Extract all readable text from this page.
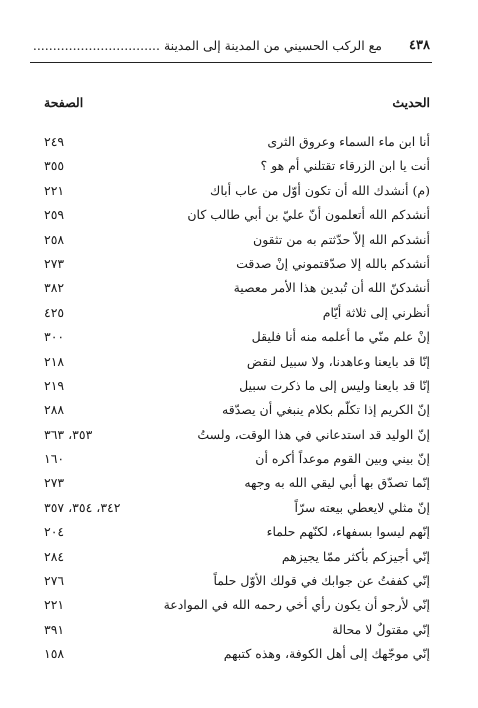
٤٣٨
مع الركب الحسيني من المدينة إلى المدينة ................................
الحديث
الصفحة
أنا ابن ماء السماء وعروق الثرى
٢٤٩
أنت يا ابن الزرقاء تقتلني أم هو ؟
٣٥٥
(م) أنشدك الله أن تكون أوّل من عاب أباك
٢٢١
أنشدكم الله أتعلمون أنّ عليّ بن أبي طالب كان
٢٥٩
أنشدكم الله إلاّ حدّثتم به من تثقون
٢٥٨
أنشدكم بالله إلا صدّقتموني إنْ صدقت
٢٧٣
أنشدكنّ الله أن تُبدين هذا الأمر معصية
٣٨٢
أنظرني إلى ثلاثة أيّام
٤٢٥
إنْ علم منّي ما أعلمه منه أنا فليقل
٣٠٠
إنّا قد بايعنا وعاهدنا، ولا سبيل لنقض
٢١٨
إنّا قد بايعنا وليس إلى ما ذكرت سبيل
٢١٩
إنّ الكريم إذا تكلّم بكلام ينبغي أن يصدّقه
٢٨٨
إنّ الوليد قد استدعاني في هذا الوقت، ولستُ
٣٥٣، ٣٦٣
إنّ بيني وبين القوم موعداً أكره أن
١٦٠
إنّما تصدّق بها أبي ليقي الله به وجهه
٢٧٣
إنّ مثلي لايعطي بيعته سرّاً
٣٤٢، ٣٥٤، ٣٥٧
إنّهم ليسوا بسفهاء، لكنّهم حلماء
٢٠٤
إنّي أجيزكم بأكثر ممّا يجيزهم
٢٨٤
إنّي كففتُ عن جوابك في قولك الأوّل حلماً
٢٧٦
إنّي لأرجو أن يكون رأي أخي رحمه الله في الموادعة
٢٢١
إنّي مقتولٌ لا محالة
٣٩١
إنّي موجّهك إلى أهل الكوفة، وهذه كتبهم
١٥٨
